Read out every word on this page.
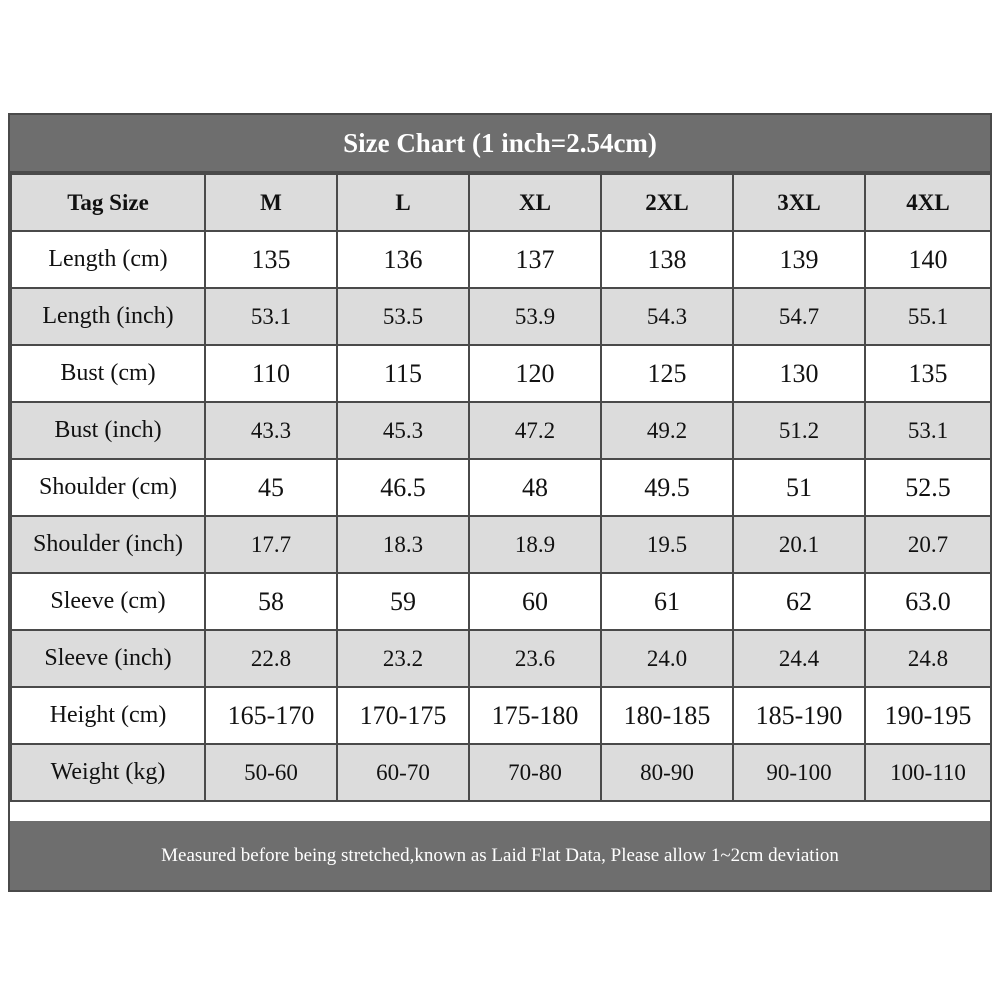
Size Chart (1 inch=2.54cm)
Tag Size	M	L	XL	2XL	3XL	4XL
Length (cm)	135	136	137	138	139	140
Length (inch)	53.1	53.5	53.9	54.3	54.7	55.1
Bust (cm)	110	115	120	125	130	135
Bust (inch)	43.3	45.3	47.2	49.2	51.2	53.1
Shoulder (cm)	45	46.5	48	49.5	51	52.5
Shoulder (inch)	17.7	18.3	18.9	19.5	20.1	20.7
Sleeve (cm)	58	59	60	61	62	63.0
Sleeve (inch)	22.8	23.2	23.6	24.0	24.4	24.8
Height (cm)	165-170	170-175	175-180	180-185	185-190	190-195
Weight (kg)	50-60	60-70	70-80	80-90	90-100	100-110
Measured before being stretched,known as Laid Flat Data, Please allow 1~2cm deviation
